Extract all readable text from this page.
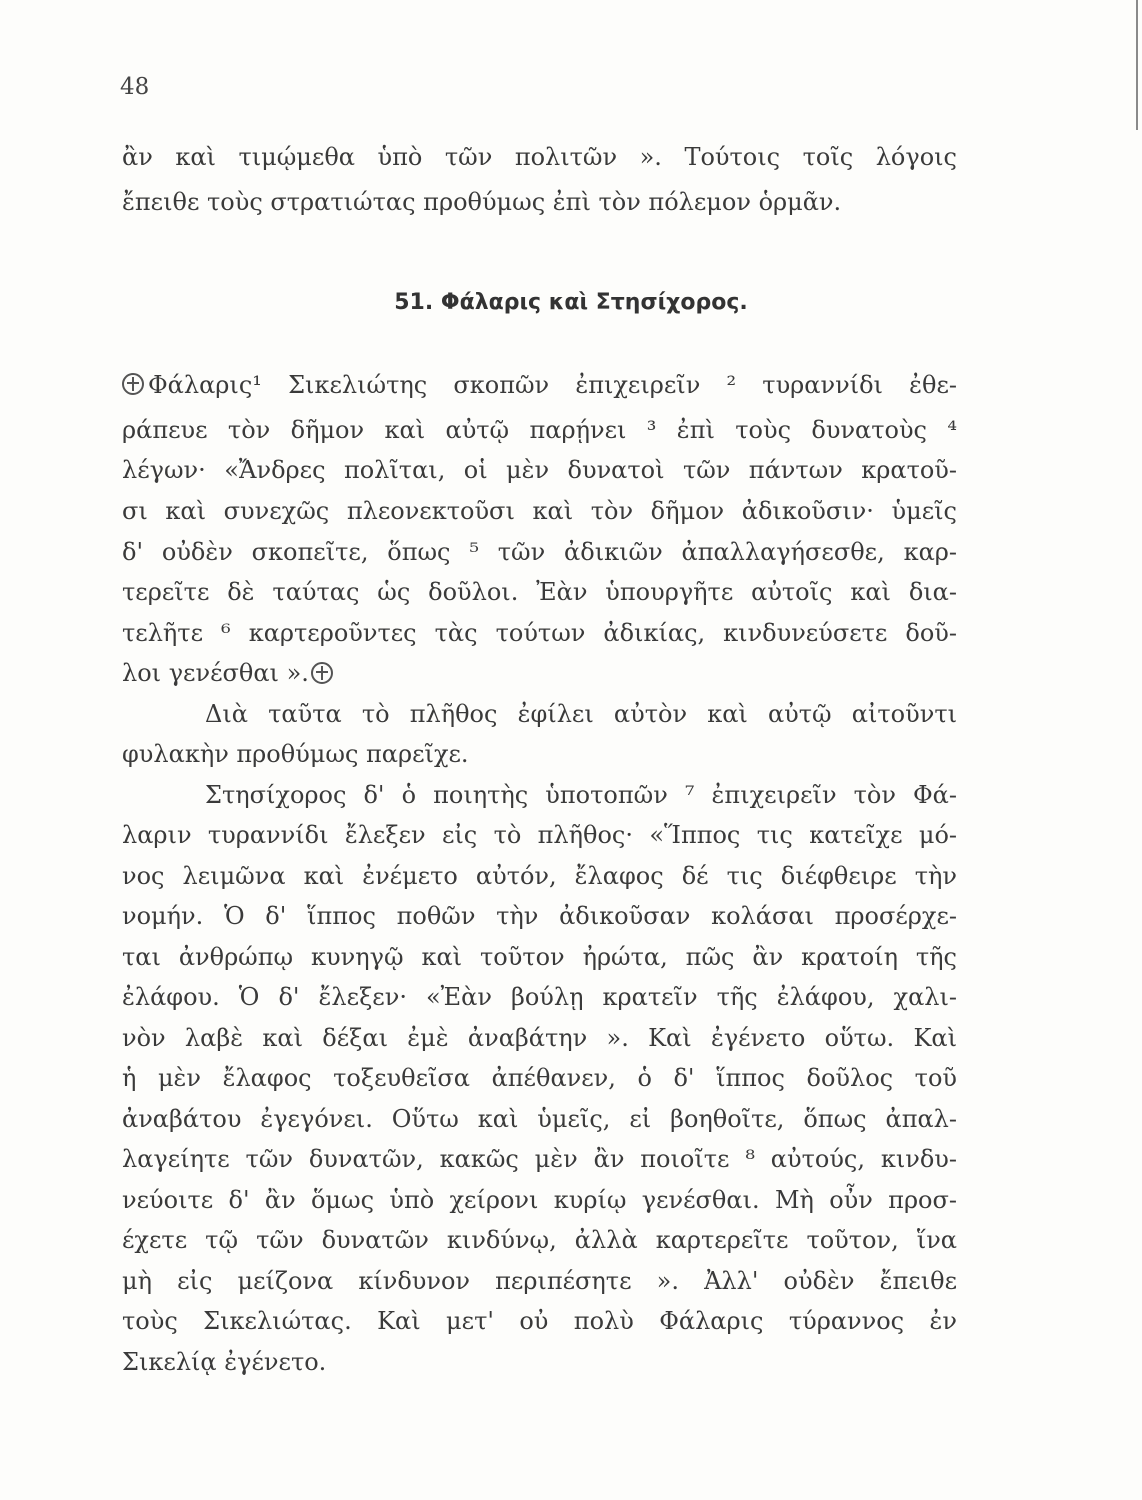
48
ἂν καὶ τιμῴμεθα ὑπὸ τῶν πολιτῶν ». Τούτοις τοῖς λόγοις
ἔπειθε τοὺς στρατιώτας προθύμως ἐπὶ τὸν πόλεμον ὁρμᾶν.
51. Φάλαρις καὶ Στησίχορος.
Φάλαρις¹ Σικελιώτης σκοπῶν ἐπιχειρεῖν ² τυραννίδι ἐθε-
ράπευε τὸν δῆμον καὶ αὐτῷ παρῄνει ³ ἐπὶ τοὺς δυνατοὺς ⁴
λέγων· «Ἄνδρες πολῖται, οἱ μὲν δυνατοὶ τῶν πάντων κρατοῦ-
σι καὶ συνεχῶς πλεονεκτοῦσι καὶ τὸν δῆμον ἀδικοῦσιν· ὑμεῖς
δ' οὐδὲν σκοπεῖτε, ὅπως ⁵ τῶν ἀδικιῶν ἀπαλλαγήσεσθε, καρ-
τερεῖτε δὲ ταύτας ὡς δοῦλοι. Ἐὰν ὑπουργῆτε αὐτοῖς καὶ δια-
τελῆτε ⁶ καρτεροῦντες τὰς τούτων ἀδικίας, κινδυνεύσετε δοῦ-
λοι γενέσθαι ».
Διὰ ταῦτα τὸ πλῆθος ἐφίλει αὐτὸν καὶ αὐτῷ αἰτοῦντι
φυλακὴν προθύμως παρεῖχε.
Στησίχορος δ' ὁ ποιητὴς ὑποτοπῶν ⁷ ἐπιχειρεῖν τὸν Φά-
λαριν τυραννίδι ἔλεξεν εἰς τὸ πλῆθος· «Ἵππος τις κατεῖχε μό-
νος λειμῶνα καὶ ἐνέμετο αὐτόν, ἔλαφος δέ τις διέφθειρε τὴν
νομήν. Ὁ δ' ἵππος ποθῶν τὴν ἀδικοῦσαν κολάσαι προσέρχε-
ται ἀνθρώπῳ κυνηγῷ καὶ τοῦτον ἠρώτα, πῶς ἂν κρατοίη τῆς
ἐλάφου. Ὁ δ' ἔλεξεν· «Ἐὰν βούλῃ κρατεῖν τῆς ἐλάφου, χαλι-
νὸν λαβὲ καὶ δέξαι ἐμὲ ἀναβάτην ». Καὶ ἐγένετο οὕτω. Καὶ
ἡ μὲν ἔλαφος τοξευθεῖσα ἀπέθανεν, ὁ δ' ἵππος δοῦλος τοῦ
ἀναβάτου ἐγεγόνει. Οὕτω καὶ ὑμεῖς, εἰ βοηθοῖτε, ὅπως ἀπαλ-
λαγείητε τῶν δυνατῶν, κακῶς μὲν ἂν ποιοῖτε ⁸ αὐτούς, κινδυ-
νεύοιτε δ' ἂν ὅμως ὑπὸ χείρονι κυρίῳ γενέσθαι. Μὴ οὖν προσ-
έχετε τῷ τῶν δυνατῶν κινδύνῳ, ἀλλὰ καρτερεῖτε τοῦτον, ἵνα
μὴ εἰς μείζονα κίνδυνον περιπέσητε ». Ἀλλ' οὐδὲν ἔπειθε
τοὺς Σικελιώτας. Καὶ μετ' οὐ πολὺ Φάλαρις τύραννος ἐν
Σικελίᾳ ἐγένετο.
